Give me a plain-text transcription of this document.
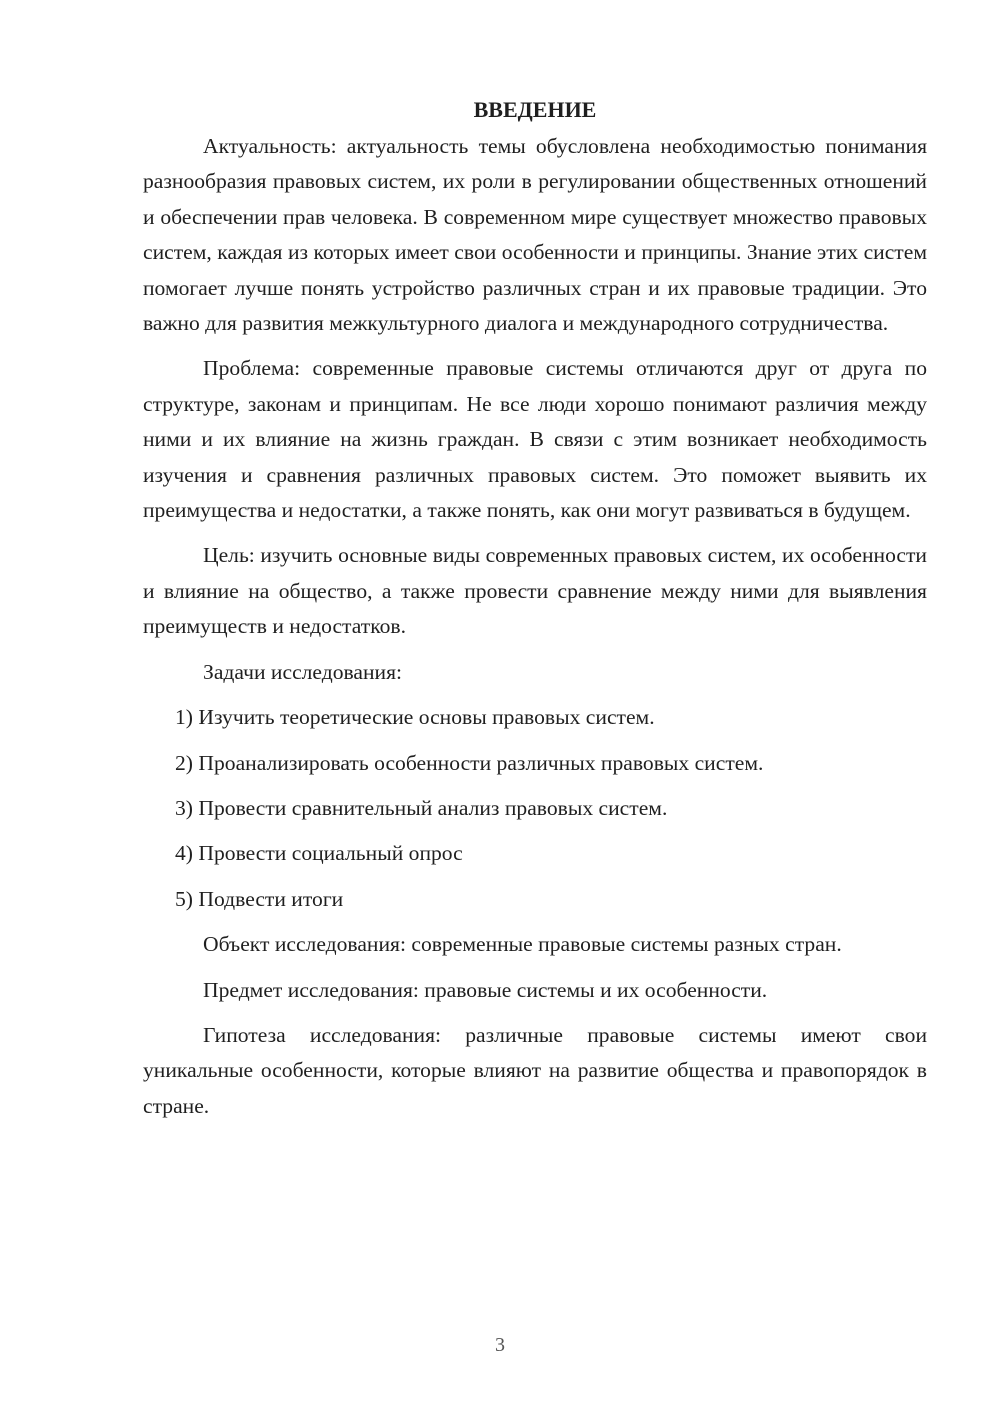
ВВЕДЕНИЕ

Актуальность: актуальность темы обусловлена необходимостью понимания разнообразия правовых систем, их роли в регулировании общественных отношений и обеспечении прав человека. В современном мире существует множество правовых систем, каждая из которых имеет свои особенности и принципы. Знание этих систем помогает лучше понять устройство различных стран и их правовые традиции. Это важно для развития межкультурного диалога и международного сотрудничества.

Проблема: современные правовые системы отличаются друг от друга по структуре, законам и принципам. Не все люди хорошо понимают различия между ними и их влияние на жизнь граждан. В связи с этим возникает необходимость изучения и сравнения различных правовых систем. Это поможет выявить их преимущества и недостатки, а также понять, как они могут развиваться в будущем.

Цель: изучить основные виды современных правовых систем, их особенности и влияние на общество, а также провести сравнение между ними для выявления преимуществ и недостатков.

Задачи исследования:

1) Изучить теоретические основы правовых систем.

2) Проанализировать особенности различных правовых систем.

3) Провести сравнительный анализ правовых систем.

4) Провести социальный опрос

5) Подвести итоги

Объект исследования: современные правовые системы разных стран.

Предмет исследования: правовые системы и их особенности.

Гипотеза исследования: различные правовые системы имеют свои уникальные особенности, которые влияют на развитие общества и правопорядок в стране.

3
